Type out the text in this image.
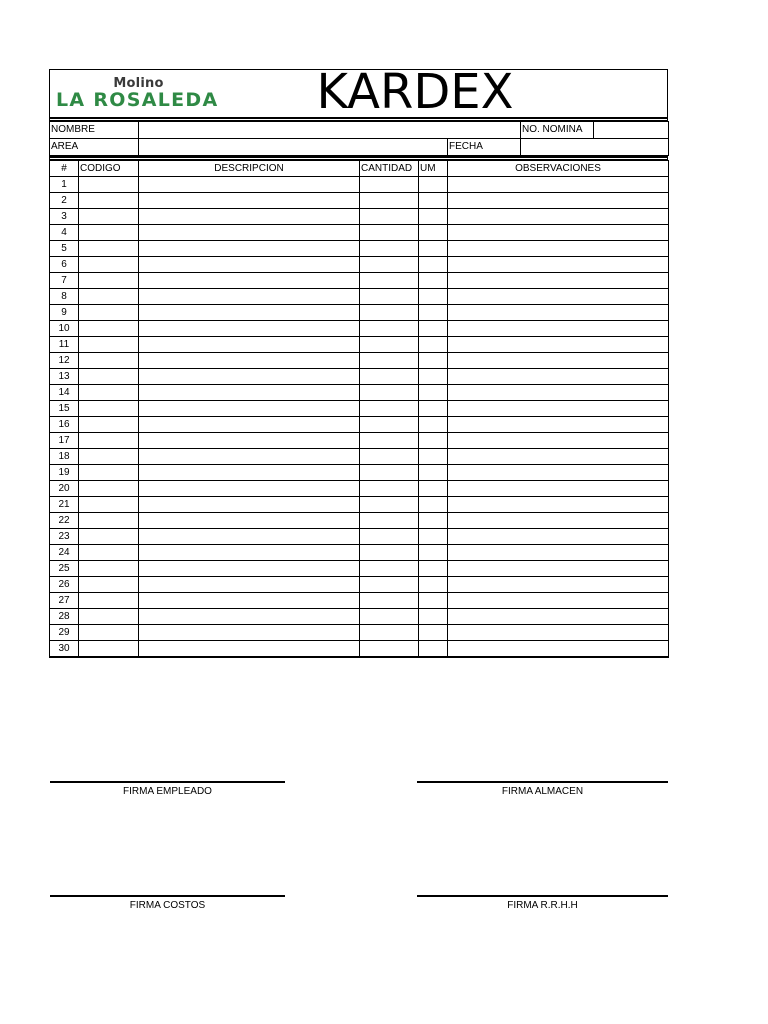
Molino
LA ROSALEDA	KARDEX
NOMBRE			NO. NOMINA	
AREA		FECHA		
#	CODIGO	DESCRIPCION	CANTIDAD	UM	OBSERVACIONES
1					
2					
3					
4					
5					
6					
7					
8					
9					
10					
11					
12					
13					
14					
15					
16					
17					
18					
19					
20					
21					
22					
23					
24					
25					
26					
27					
28					
29					
30					
FIRMA EMPLEADO	FIRMA ALMACEN
FIRMA COSTOS	FIRMA R.R.H.H
